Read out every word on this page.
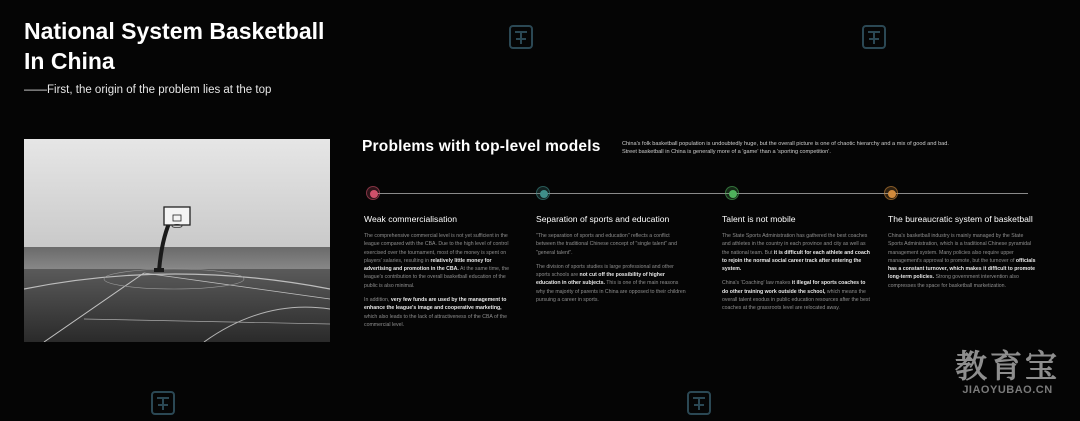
National System Basketball
In China

——First, the origin of the problem lies at the top

Problems with top-level models	China's folk basketball population is undoubtedly huge, but the overall picture is one of chaotic hierarchy and a mix of good and bad. Street basketball in China is generally more of a 'game' than a 'sporting competition'.

Weak commercialisation

The comprehensive commercial level is not yet sufficient in the league compared with the CBA. Due to the high level of control exercised over the tournament, most of the money is spent on players' salaries, resulting in relatively little money for advertising and promotion in the CBA. At the same time, the league's contribution to the overall basketball education of the public is also minimal.

In addition, very few funds are used by the management to enhance the league's image and cooperative marketing, which also leads to the lack of attractiveness of the CBA of the commercial level.

Separation of sports and education

"The separation of sports and education" reflects a conflict between the traditional Chinese concept of "single talent" and "general talent".

The division of sports studies is large professional and other sports schools are not cut off the possibility of higher education in other subjects. This is one of the main reasons why the majority of parents in China are opposed to their children pursuing a career in sports.

Talent is not mobile

The State Sports Administration has gathered the best coaches and athletes in the country in each province and city as well as the national team. But it is difficult for each athlete and coach to rejoin the normal social career track after entering the system.

China's 'Coaching' law makes it illegal for sports coaches to do other training work outside the school, which means the overall talent exodus in public education resources after the best coaches at the grassroots level are relocated away.

The bureaucratic system of basketball

China's basketball industry is mainly managed by the State Sports Administration, which is a traditional Chinese pyramidal management system. Many policies also require upper management's approval to promote, but the turnover of officials has a constant turnover, which makes it difficult to promote long-term policies. Strong government intervention also compresses the space for basketball marketization.

教育宝
JIAOYUBAO.CN
